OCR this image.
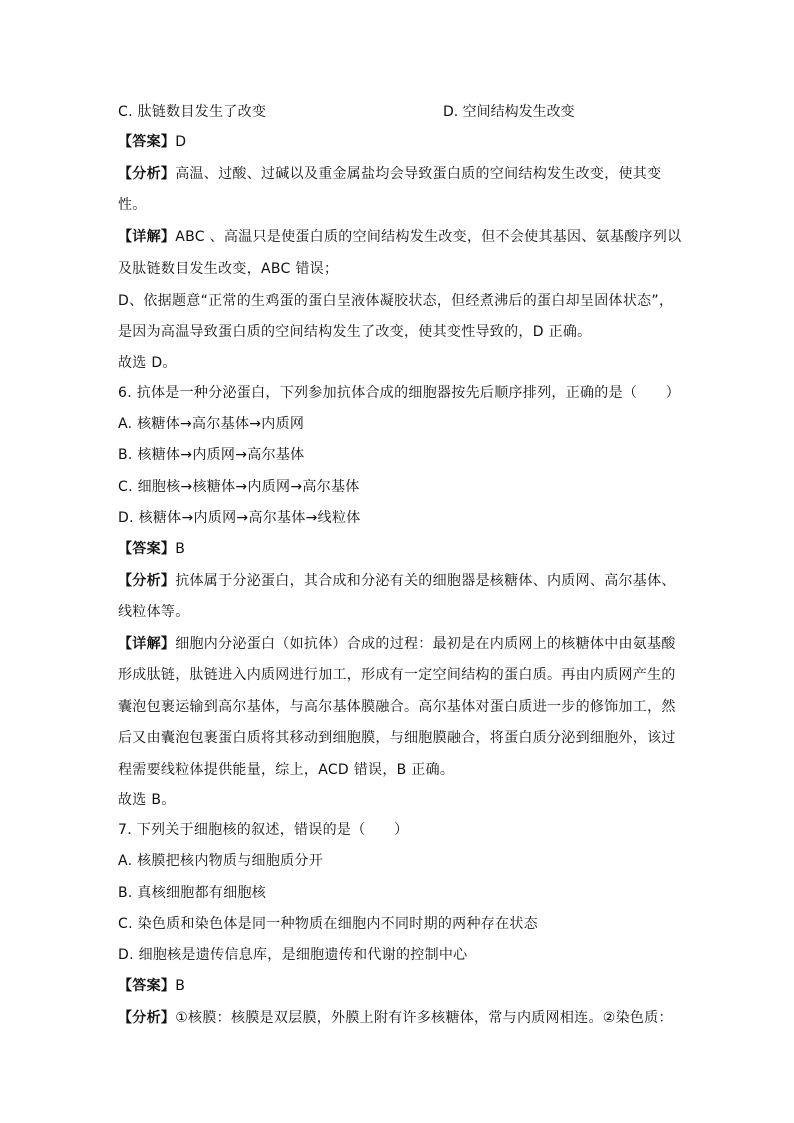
C. 肽链数目发生了改变	D. 空间结构发生改变
【答案】D
【分析】高温、过酸、过碱以及重金属盐均会导致蛋白质的空间结构发生改变，使其变
性。
【详解】ABC 、高温只是使蛋白质的空间结构发生改变，但不会使其基因、氨基酸序列以
及肽链数目发生改变，ABC 错误；
D、依据题意“正常的生鸡蛋的蛋白呈液体凝胶状态，但经煮沸后的蛋白却呈固体状态”，
是因为高温导致蛋白质的空间结构发生了改变，使其变性导致的，D 正确。
故选 D。
6. 抗体是一种分泌蛋白，下列参加抗体合成的细胞器按先后顺序排列，正确的是（　　）
A. 核糖体→高尔基体→内质网
B. 核糖体→内质网→高尔基体
C. 细胞核→核糖体→内质网→高尔基体
D. 核糖体→内质网→高尔基体→线粒体
【答案】B
【分析】抗体属于分泌蛋白，其合成和分泌有关的细胞器是核糖体、内质网、高尔基体、
线粒体等。
【详解】细胞内分泌蛋白（如抗体）合成的过程：最初是在内质网上的核糖体中由氨基酸
形成肽链，肽链进入内质网进行加工，形成有一定空间结构的蛋白质。再由内质网产生的
囊泡包裹运输到高尔基体，与高尔基体膜融合。高尔基体对蛋白质进一步的修饰加工，然
后又由囊泡包裹蛋白质将其移动到细胞膜，与细胞膜融合，将蛋白质分泌到细胞外，该过
程需要线粒体提供能量，综上，ACD 错误，B 正确。
故选 B。
7. 下列关于细胞核的叙述，错误的是（　　）
A. 核膜把核内物质与细胞质分开
B. 真核细胞都有细胞核
C. 染色质和染色体是同一种物质在细胞内不同时期的两种存在状态
D. 细胞核是遗传信息库，是细胞遗传和代谢的控制中心
【答案】B
【分析】①核膜：核膜是双层膜，外膜上附有许多核糖体，常与内质网相连。②染色质：
